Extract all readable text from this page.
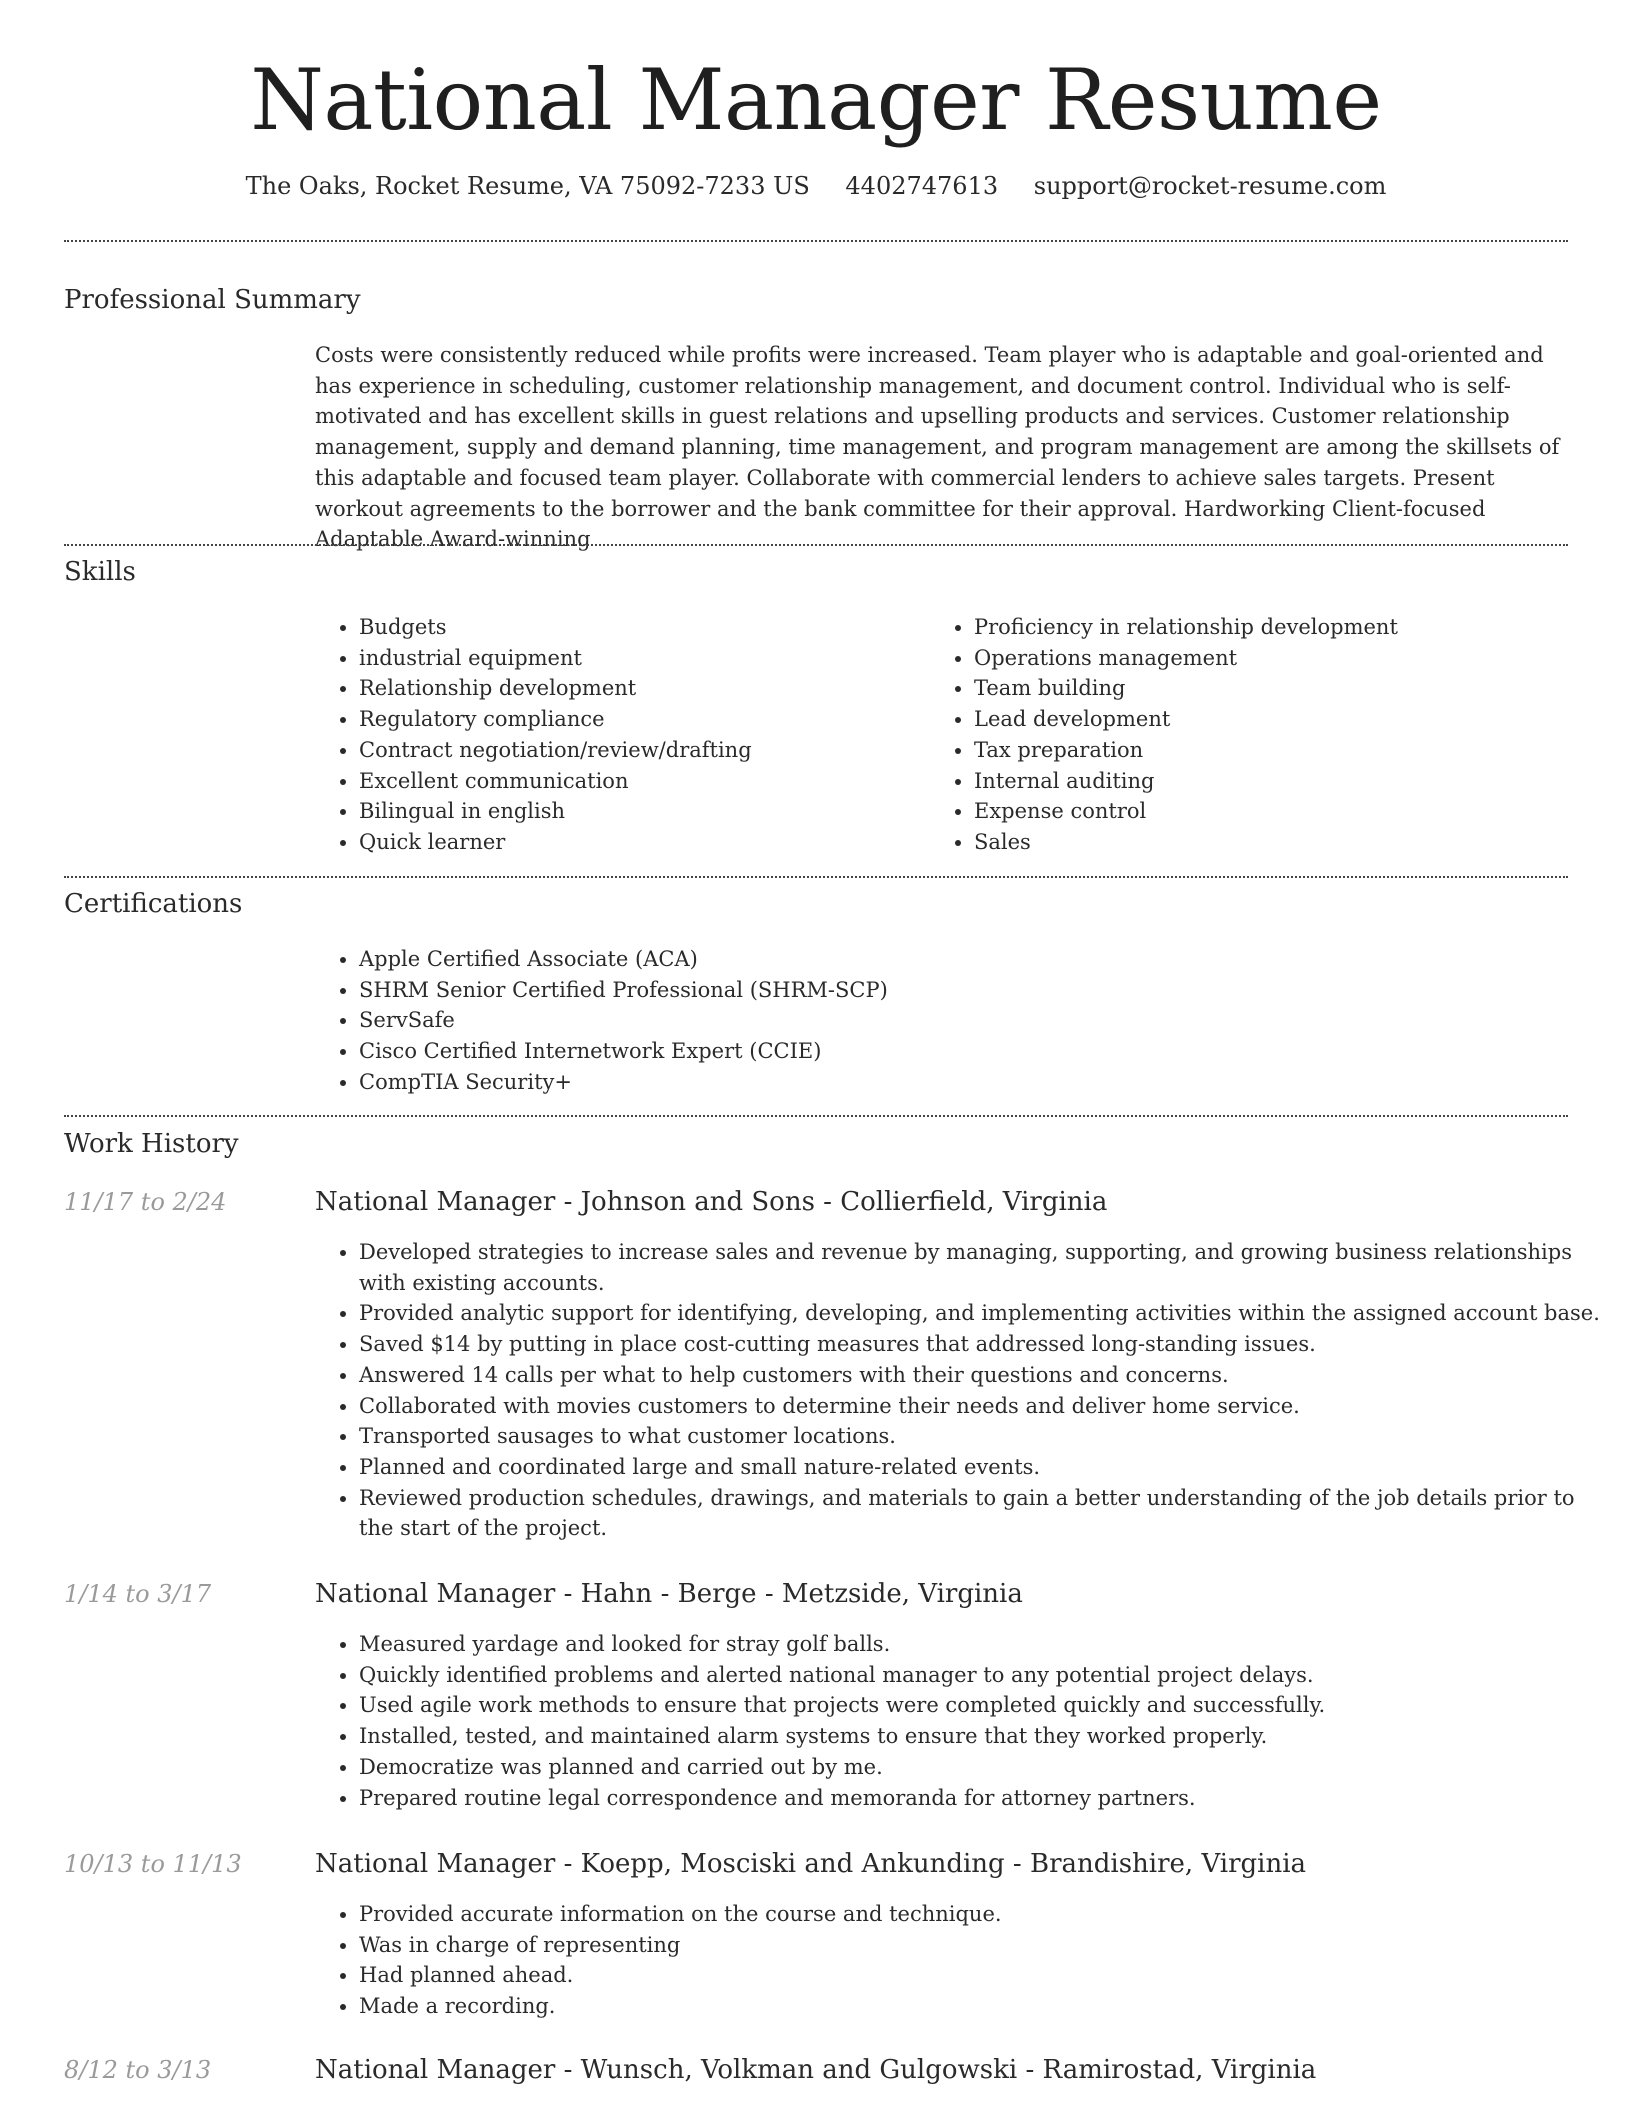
National Manager Resume
The Oaks, Rocket Resume, VA 75092-7233 US 4402747613 support@rocket-resume.com
Professional Summary
Costs were consistently reduced while profits were increased. Team player who is adaptable and goal-oriented and has experience in scheduling, customer relationship management, and document control. Individual who is self-motivated and has excellent skills in guest relations and upselling products and services. Customer relationship management, supply and demand planning, time management, and program management are among the skillsets of this adaptable and focused team player. Collaborate with commercial lenders to achieve sales targets. Present workout agreements to the borrower and the bank committee for their approval. Hardworking Client-focused Adaptable Award-winning
Skills
• Budgets
• industrial equipment
• Relationship development
• Regulatory compliance
• Contract negotiation/review/drafting
• Excellent communication
• Bilingual in english
• Quick learner
• Proficiency in relationship development
• Operations management
• Team building
• Lead development
• Tax preparation
• Internal auditing
• Expense control
• Sales
Certifications
• Apple Certified Associate (ACA)
• SHRM Senior Certified Professional (SHRM-SCP)
• ServSafe
• Cisco Certified Internetwork Expert (CCIE)
• CompTIA Security+
Work History
11/17 to 2/24	National Manager - Johnson and Sons - Collierfield, Virginia
• Developed strategies to increase sales and revenue by managing, supporting, and growing business relationships with existing accounts.
• Provided analytic support for identifying, developing, and implementing activities within the assigned account base.
• Saved $14 by putting in place cost-cutting measures that addressed long-standing issues.
• Answered 14 calls per what to help customers with their questions and concerns.
• Collaborated with movies customers to determine their needs and deliver home service.
• Transported sausages to what customer locations.
• Planned and coordinated large and small nature-related events.
• Reviewed production schedules, drawings, and materials to gain a better understanding of the job details prior to the start of the project.
1/14 to 3/17	National Manager - Hahn - Berge - Metzside, Virginia
• Measured yardage and looked for stray golf balls.
• Quickly identified problems and alerted national manager to any potential project delays.
• Used agile work methods to ensure that projects were completed quickly and successfully.
• Installed, tested, and maintained alarm systems to ensure that they worked properly.
• Democratize was planned and carried out by me.
• Prepared routine legal correspondence and memoranda for attorney partners.
10/13 to 11/13	National Manager - Koepp, Mosciski and Ankunding - Brandishire, Virginia
• Provided accurate information on the course and technique.
• Was in charge of representing
• Had planned ahead.
• Made a recording.
8/12 to 3/13	National Manager - Wunsch, Volkman and Gulgowski - Ramirostad, Virginia
